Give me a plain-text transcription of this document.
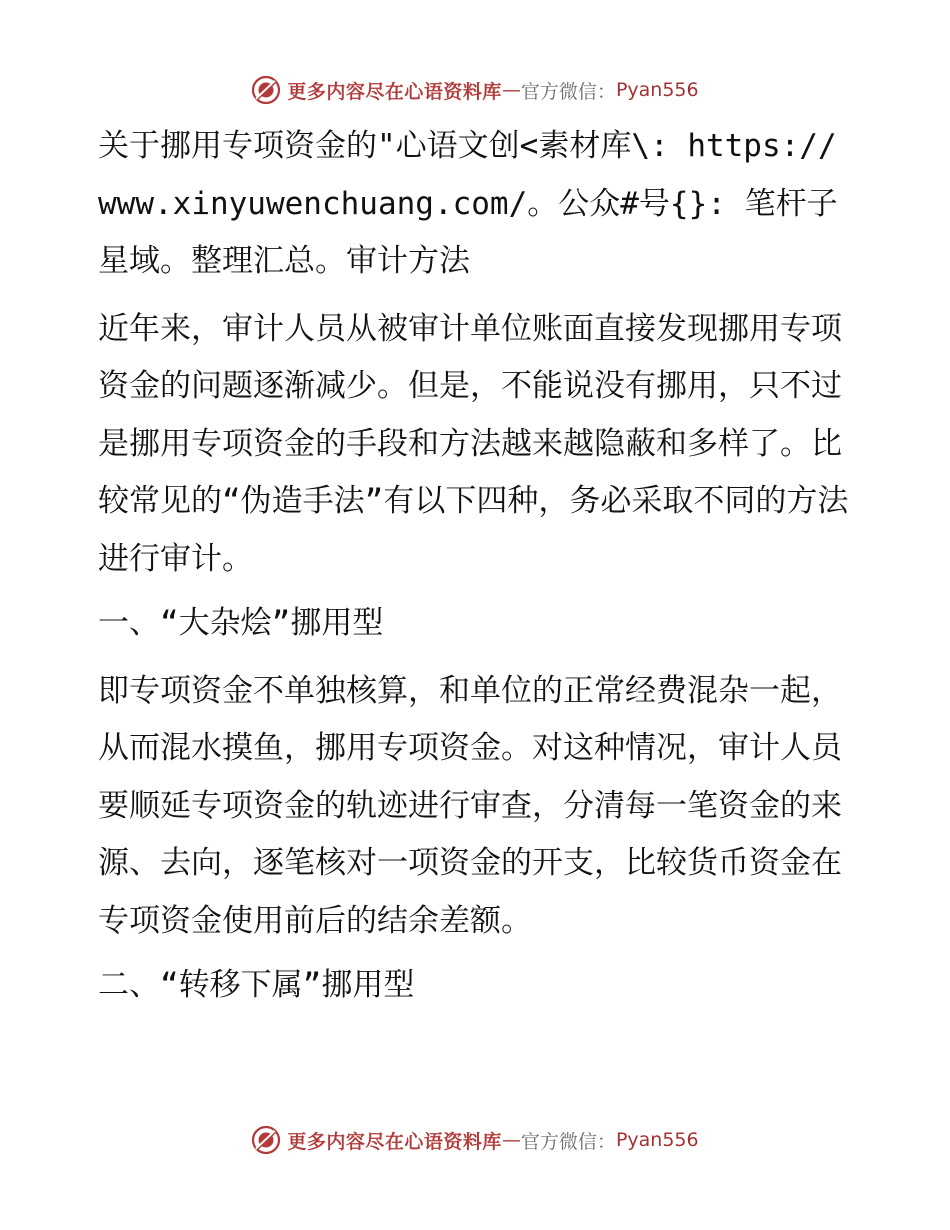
更多内容尽在心语资料库 — 官方微信： Pyan556

关于挪用专项资金的"心语文创<素材库\: https://www.xinyuwenchuang.com/。公众#号{}: 笔杆子星域。整理汇总。审计方法

近年来，审计人员从被审计单位账面直接发现挪用专项资金的问题逐渐减少。但是，不能说没有挪用，只不过是挪用专项资金的手段和方法越来越隐蔽和多样了。比较常见的“伪造手法”有以下四种，务必采取不同的方法进行审计。

一、“大杂烩”挪用型

即专项资金不单独核算，和单位的正常经费混杂一起，从而混水摸鱼，挪用专项资金。对这种情况，审计人员要顺延专项资金的轨迹进行审查，分清每一笔资金的来源、去向，逐笔核对一项资金的开支，比较货币资金在专项资金使用前后的结余差额。

二、“转移下属”挪用型

更多内容尽在心语资料库 — 官方微信： Pyan556
